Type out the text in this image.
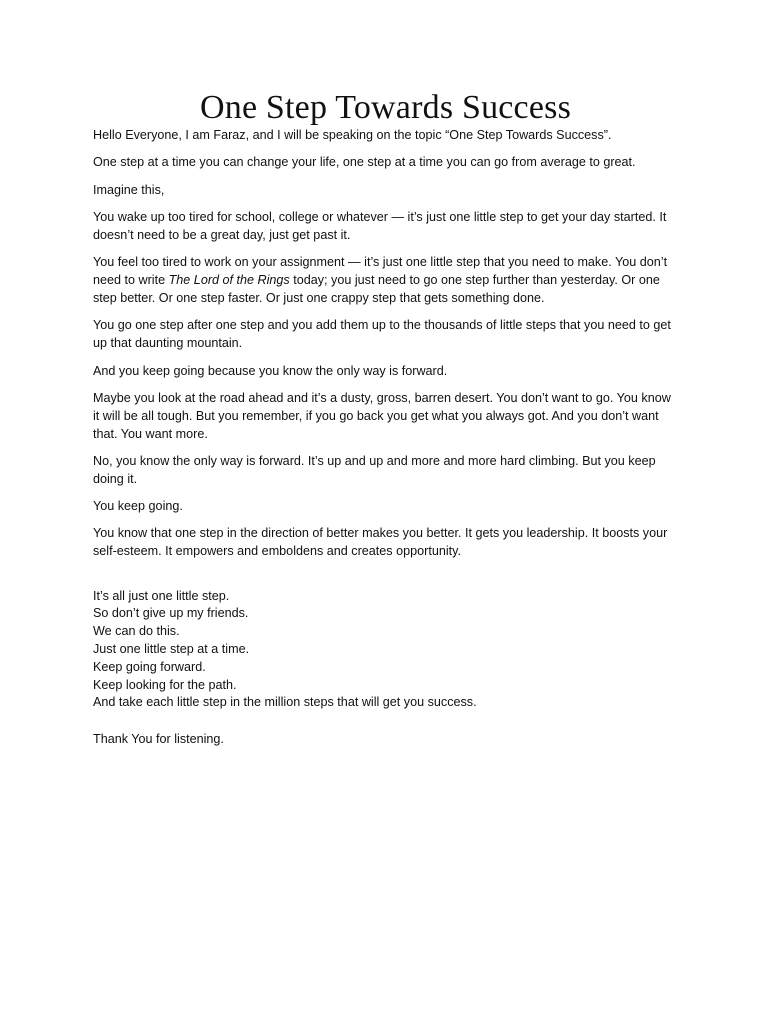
One Step Towards Success

Hello Everyone, I am Faraz, and I will be speaking on the topic “One Step Towards Success”.

One step at a time you can change your life, one step at a time you can go from average to great.

Imagine this,

You wake up too tired for school, college or whatever — it’s just one little step to get your day started. It doesn’t need to be a great day, just get past it.

You feel too tired to work on your assignment — it’s just one little step that you need to make. You don’t need to write The Lord of the Rings today; you just need to go one step further than yesterday. Or one step better. Or one step faster. Or just one crappy step that gets something done.

You go one step after one step and you add them up to the thousands of little steps that you need to get up that daunting mountain.

And you keep going because you know the only way is forward.

Maybe you look at the road ahead and it’s a dusty, gross, barren desert. You don’t want to go. You know it will be all tough. But you remember, if you go back you get what you always got. And you don’t want that. You want more.

No, you know the only way is forward. It’s up and up and more and more hard climbing. But you keep doing it.

You keep going.

You know that one step in the direction of better makes you better. It gets you leadership. It boosts your self-esteem. It empowers and emboldens and creates opportunity.

It’s all just one little step.
So don’t give up my friends.
We can do this.
Just one little step at a time.
Keep going forward.
Keep looking for the path.
And take each little step in the million steps that will get you success.

Thank You for listening.
